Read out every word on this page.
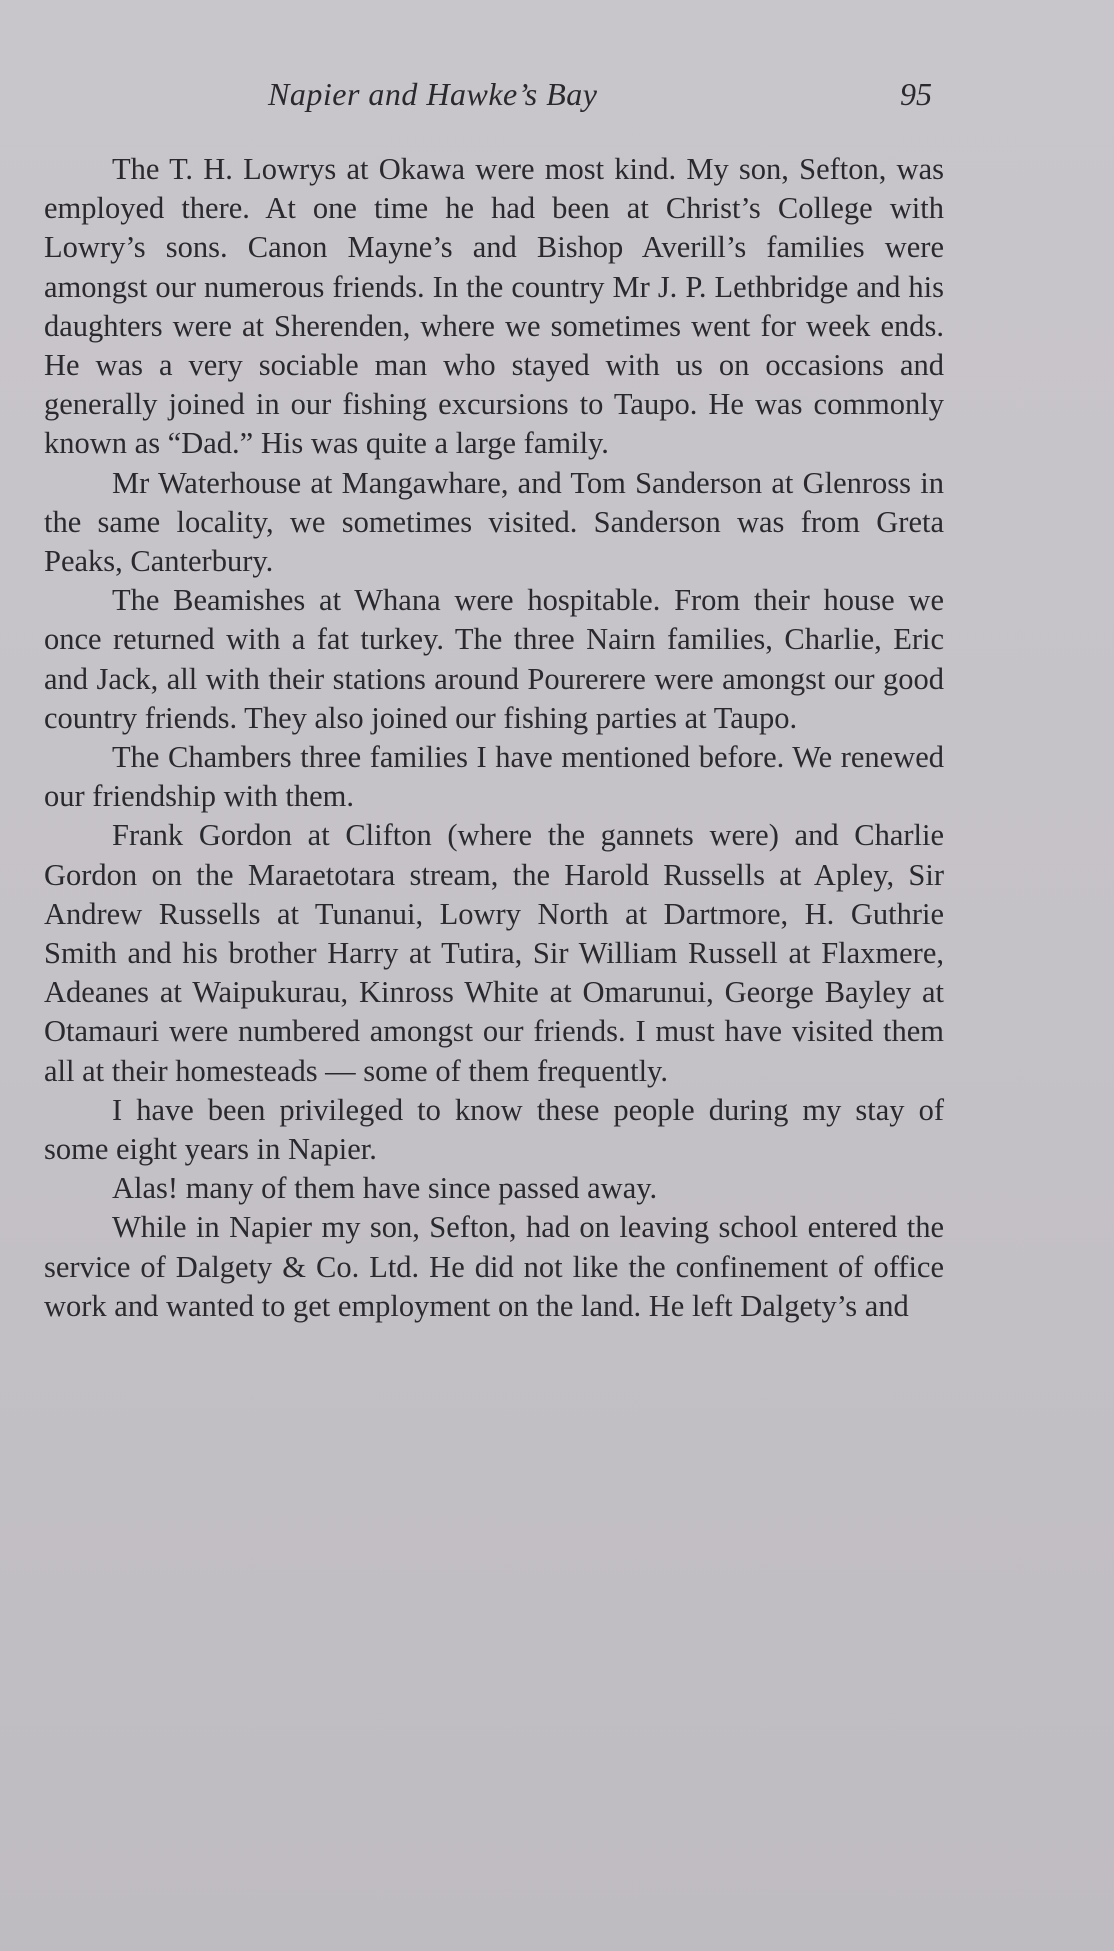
Napier and Hawke’s Bay	95

The T. H. Lowrys at Okawa were most kind. My son, Sefton, was employed there. At one time he had been at Christ’s College with Lowry’s sons. Canon Mayne’s and Bishop Averill’s families were amongst our numerous friends. In the country Mr J. P. Lethbridge and his daughters were at Sherenden, where we sometimes went for week ends. He was a very sociable man who stayed with us on occasions and generally joined in our fishing excursions to Taupo. He was commonly known as “Dad.” His was quite a large family.

Mr Waterhouse at Mangawhare, and Tom Sanderson at Glenross in the same locality, we sometimes visited. Sanderson was from Greta Peaks, Canterbury.

The Beamishes at Whana were hospitable. From their house we once returned with a fat turkey. The three Nairn families, Charlie, Eric and Jack, all with their stations around Pourerere were amongst our good country friends. They also joined our fishing parties at Taupo.

The Chambers three families I have mentioned before. We renewed our friendship with them.

Frank Gordon at Clifton (where the gannets were) and Charlie Gordon on the Maraetotara stream, the Harold Russells at Apley, Sir Andrew Russells at Tunanui, Lowry North at Dartmore, H. Guthrie Smith and his brother Harry at Tutira, Sir William Russell at Flaxmere, Adeanes at Waipukurau, Kinross White at Omarunui, George Bayley at Otamauri were numbered amongst our friends. I must have visited them all at their homesteads — some of them frequently.

I have been privileged to know these people during my stay of some eight years in Napier.

Alas! many of them have since passed away.

While in Napier my son, Sefton, had on leaving school entered the service of Dalgety & Co. Ltd. He did not like the confinement of office work and wanted to get employment on the land. He left Dalgety’s and
